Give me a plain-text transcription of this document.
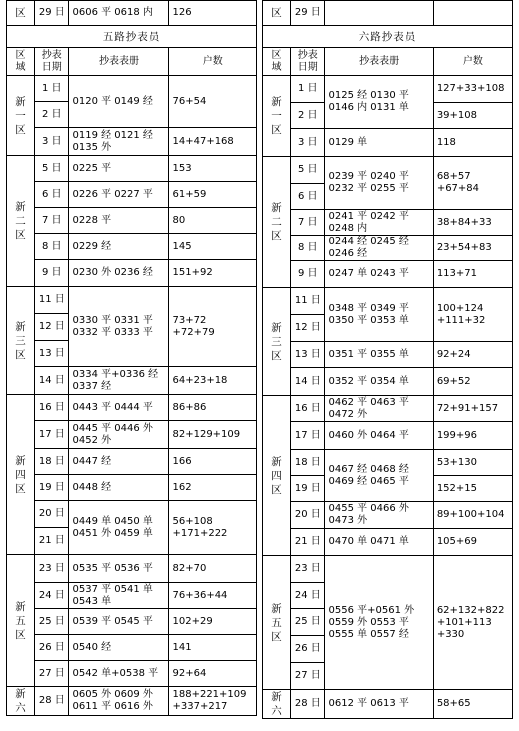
区	29 日	0606 平 0618 内	126
五路抄表员			
区
域	抄表
日期	抄表表册	户数
新
一
区	1 日	0120 平 0149 经	76+54
	2 日		
	3 日	0119 经 0121 经
0135 外	14+47+168
新
二
区	5 日	0225 平	153
	6 日	0226 平 0227 平	61+59
	7 日	0228 平	80
	8 日	0229 经	145
	9 日	0230 外 0236 经	151+92
新
三
区	11 日	0330 平 0331 平
0332 平 0333 平	73+72
+72+79
	12 日		
	13 日		
	14 日	0334 平+0336 经
0337 经	64+23+18
新
四
区	16 日	0443 平 0444 平	86+86
	17 日	0445 平 0446 外
0452 外	82+129+109
	18 日	0447 经	166
	19 日	0448 经	162
	20 日	0449 单 0450 单
0451 外 0459 单	56+108
+171+222
	21 日		
新
五
区	23 日	0535 平 0536 平	82+70
	24 日	0537 平 0541 单
0543 单	76+36+44
	25 日	0539 平 0545 平	102+29
	26 日	0540 经	141
	27 日	0542 单+0538 平	92+64
新
六	28 日	0605 外 0609 外
0611 平 0616 外	188+221+109
+337+217
区	29 日		
六路抄表员			
区
域	抄表
日期	抄表表册	户数
新
一
区	1 日	0125 经 0130 平
0146 内 0131 单	127+33+108
	2 日		39+108
	3 日	0129 单	118
新
二
区	5 日	0239 平 0240 平
0232 平 0255 平	68+57
+67+84
	6 日		
	7 日	0241 平 0242 平
0248 内	38+84+33
	8 日	0244 经 0245 经
0246 经	23+54+83
	9 日	0247 单 0243 平	113+71
新
三
区	11 日	0348 平 0349 平
0350 平 0353 单	100+124
+111+32
	12 日		
	13 日	0351 平 0355 单	92+24
	14 日	0352 平 0354 单	69+52
新
四
区	16 日	0462 平 0463 平
0472 外	72+91+157
	17 日	0460 外 0464 平	199+96
	18 日	0467 经 0468 经
0469 经 0465 平	53+130
	19 日		152+15
	20 日	0455 平 0466 外
0473 外	89+100+104
	21 日	0470 单 0471 单	105+69
新
五
区	23 日	0556 平+0561 外
0559 外 0553 平
0555 单 0557 经	62+132+822
+101+113
+330
	24 日		
	25 日		
	26 日		
	27 日		
新
六	28 日	0612 平 0613 平	58+65
